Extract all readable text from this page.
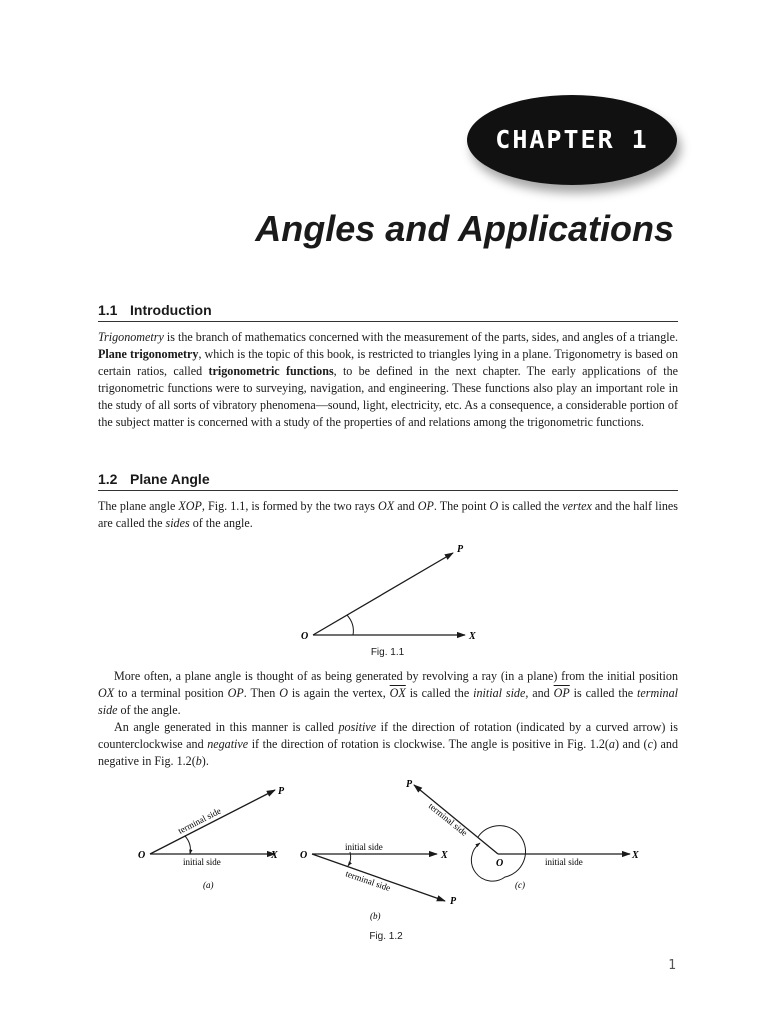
CHAPTER 1
Angles and Applications
1.1 Introduction

Trigonometry is the branch of mathematics concerned with the measurement of the parts, sides, and angles of a triangle. Plane trigonometry, which is the topic of this book, is restricted to triangles lying in a plane. Trigonometry is based on certain ratios, called trigonometric functions, to be defined in the next chapter. The early applications of the trigonometric functions were to surveying, navigation, and engineering. These functions also play an important role in the study of all sorts of vibratory phenomena—sound, light, electricity, etc. As a consequence, a considerable portion of the subject matter is concerned with a study of the properties of and relations among the trigonometric functions.

1.2 Plane Angle

The plane angle XOP, Fig. 1.1, is formed by the two rays OX and OP. The point O is called the vertex and the half lines are called the sides of the angle.

O	X
P
Fig. 1.1

More often, a plane angle is thought of as being generated by revolving a ray (in a plane) from the initial position OX to a terminal position OP. Then O is again the vertex, $\overline{OX}$ is called the initial side, and $\overline{OP}$ is called the terminal side of the angle.

An angle generated in this manner is called positive if the direction of rotation (indicated by a curved arrow) is counterclockwise and negative if the direction of rotation is clockwise. The angle is positive in Fig. 1.2(a) and (c) and negative in Fig. 1.2(b).

O	X
P
initial side
terminal side
(a)
O	X
P
initial side
terminal side
(b)
O
X
P
initial side
terminal side
(c)
Fig. 1.2
1
